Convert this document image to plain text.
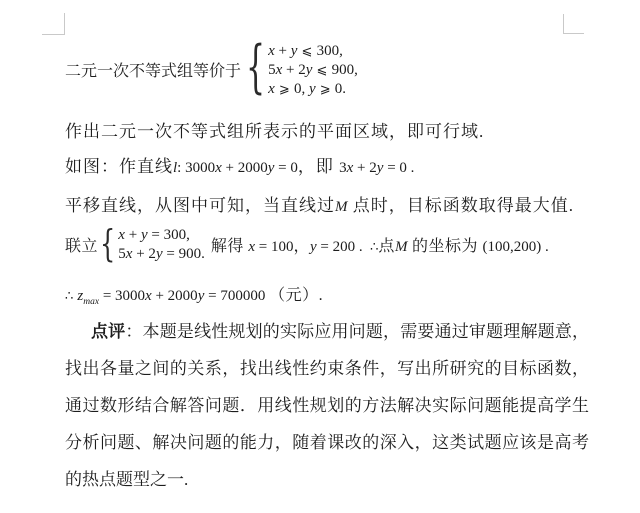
二元一次不等式组等价于 { x + y ⩽ 300,
5x + 2y ⩽ 900,
x ⩾ 0, y ⩾ 0.
作出二元一次不等式组所表示的平面区域，即可行域.
如图：作直线l: 3000x + 2000y = 0，即 3x + 2y = 0 .
平移直线，从图中可知，当直线过M 点时，目标函数取得最大值.
联立 { x + y = 300,
5x + 2y = 900. 解得 x = 100，y = 200 .  ∴点M 的坐标为 (100,200) .
∴ $z_{max} = 3000x + 2000y = 700000$ （元）.
点评：本题是线性规划的实际应用问题，需要通过审题理解题意，
找出各量之间的关系，找出线性约束条件，写出所研究的目标函数，
通过数形结合解答问题．用线性规划的方法解决实际问题能提高学生
分析问题、解决问题的能力，随着课改的深入，这类试题应该是高考
的热点题型之一.
